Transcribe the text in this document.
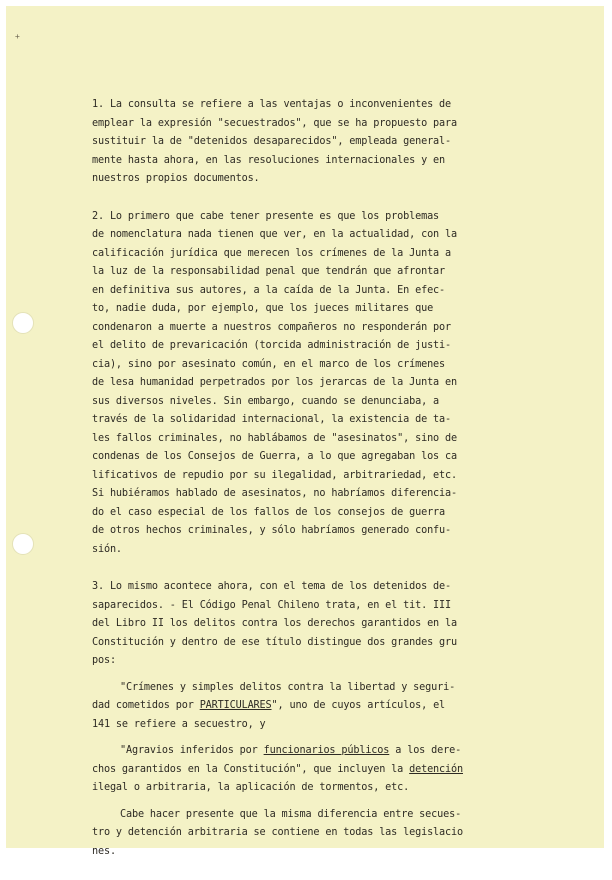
+

1. La consulta se refiere a las ventajas o inconvenientes de
emplear la expresión "secuestrados", que se ha propuesto para
sustituir la de "detenidos desaparecidos", empleada general-
mente hasta ahora, en las resoluciones internacionales y en
nuestros propios documentos.

2. Lo primero que cabe tener presente es que los problemas
de nomenclatura nada tienen que ver, en la actualidad, con la
calificación jurídica que merecen los crímenes de la Junta a
la luz de la responsabilidad penal que tendrán que afrontar
en definitiva sus autores, a la caída de la Junta. En efec-
to, nadie duda, por ejemplo, que los jueces militares que
condenaron a muerte a nuestros compañeros no responderán por
el delito de prevaricación (torcida administración de justi-
cia), sino por asesinato común, en el marco de los crímenes
de lesa humanidad perpetrados por los jerarcas de la Junta en
sus diversos niveles. Sin embargo, cuando se denunciaba, a
través de la solidaridad internacional, la existencia de ta-
les fallos criminales, no hablábamos de "asesinatos", sino de
condenas de los Consejos de Guerra, a lo que agregaban los ca
lificativos de repudio por su ilegalidad, arbitrariedad, etc.
Si hubiéramos hablado de asesinatos, no habríamos diferencia-
do el caso especial de los fallos de los consejos de guerra
de otros hechos criminales, y sólo habríamos generado confu-
sión.

3. Lo mismo acontece ahora, con el tema de los detenidos de-
saparecidos. - El Código Penal Chileno trata, en el tit. III
del Libro II los delitos contra los derechos garantidos en la
Constitución y dentro de ese título distingue dos grandes gru
pos:

"Crímenes y simples delitos contra la libertad y seguri-
dad cometidos por PARTICULARES", uno de cuyos artículos, el
141 se refiere a secuestro, y

"Agravios inferidos por funcionarios públicos a los dere-
chos garantidos en la Constitución", que incluyen la detención
ilegal o arbitraria, la aplicación de tormentos, etc.

Cabe hacer presente que la misma diferencia entre secues-
tro y detención arbitraria se contiene en todas las legislacio
nes.
